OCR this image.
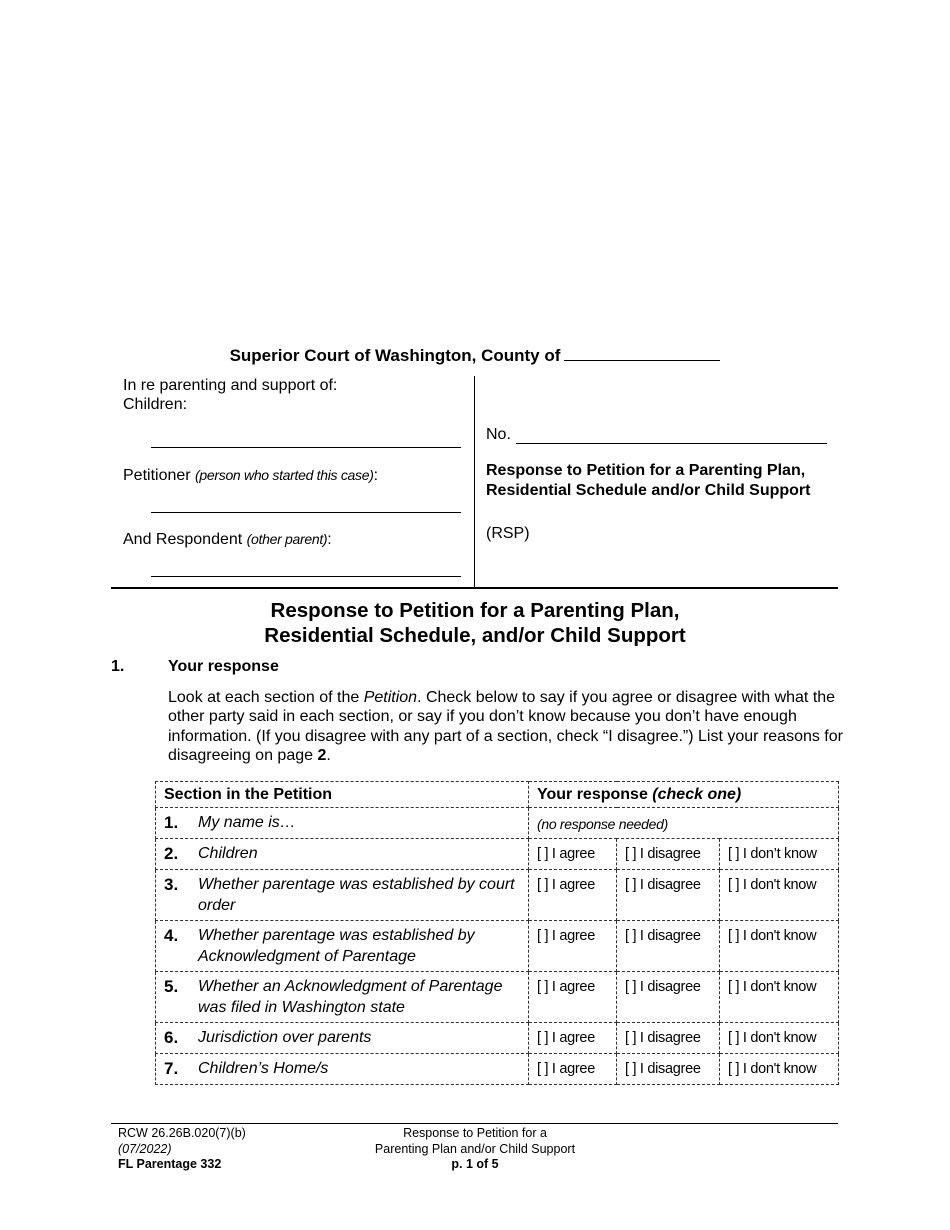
Superior Court of Washington, County of
In re parenting and support of:
Children:
Petitioner (person who started this case):
And Respondent (other parent):
No.
Response to Petition for a Parenting Plan, Residential Schedule and/or Child Support
(RSP)
Response to Petition for a Parenting Plan,
Residential Schedule, and/or Child Support
1.	Your response
Look at each section of the Petition. Check below to say if you agree or disagree with what the other party said in each section, or say if you don’t know because you don’t have enough information. (If you disagree with any part of a section, check “I disagree.”) List your reasons for disagreeing on page 2.
Section in the Petition	Your response (check one)		
1. My name is…	(no response needed)		
2. Children	[ ] I agree	[ ] I disagree	[ ] I don’t know
3. Whether parentage was established by court order	[ ] I agree	[ ] I disagree	[ ] I don't know
4. Whether parentage was established by Acknowledgment of Parentage	[ ] I agree	[ ] I disagree	[ ] I don't know
5. Whether an Acknowledgment of Parentage was filed in Washington state	[ ] I agree	[ ] I disagree	[ ] I don't know
6. Jurisdiction over parents	[ ] I agree	[ ] I disagree	[ ] I don't know
7. Children’s Home/s	[ ] I agree	[ ] I disagree	[ ] I don't know
RCW 26.26B.020(7)(b)
(07/2022)
FL Parentage 332
Response to Petition for a
Parenting Plan and/or Child Support
p. 1 of 5
